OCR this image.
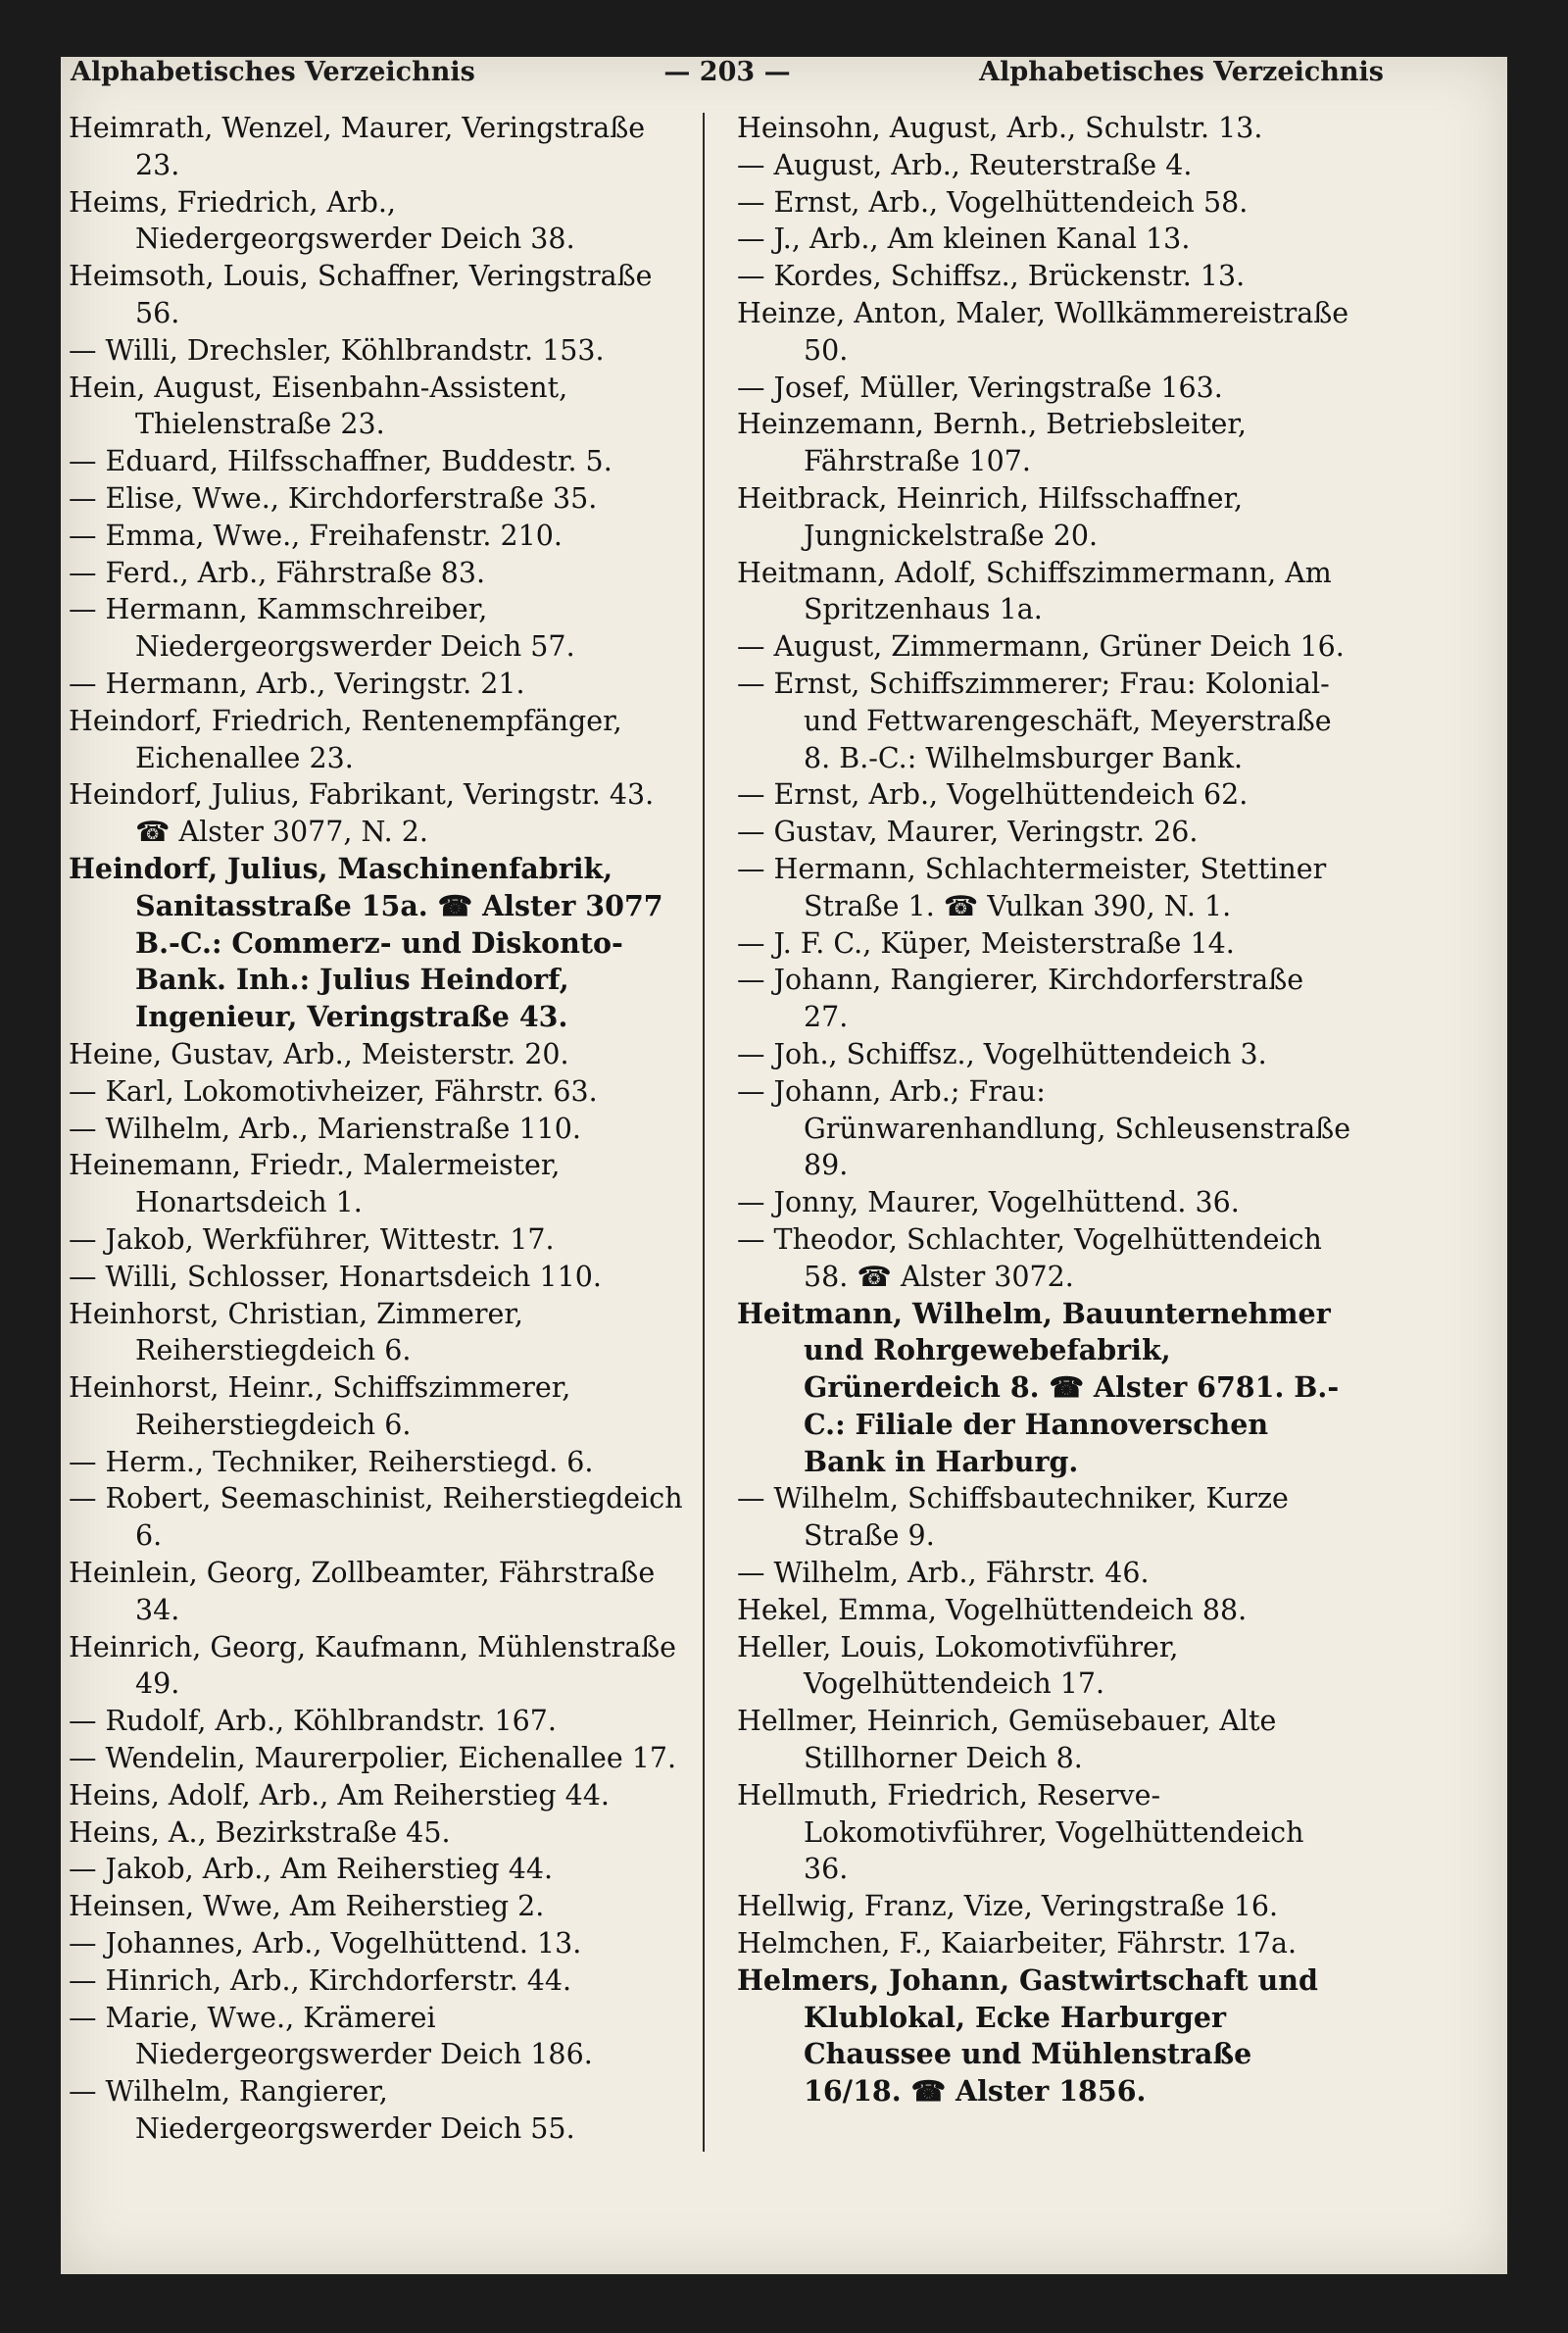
Alphabetisches Verzeichnis	— 203 —	Alphabetisches Verzeichnis

Heimrath, Wenzel, Maurer, Veringstraße 23.

Heims, Friedrich, Arb., Niedergeorgswerder Deich 38.

Heimsoth, Louis, Schaffner, Veringstraße 56.

— Willi, Drechsler, Köhlbrandstr. 153.

Hein, August, Eisenbahn-Assistent, Thielenstraße 23.

— Eduard, Hilfsschaffner, Buddestr. 5.

— Elise, Wwe., Kirchdorferstraße 35.

— Emma, Wwe., Freihafenstr. 210.

— Ferd., Arb., Fährstraße 83.

— Hermann, Kammschreiber, Niedergeorgswerder Deich 57.

— Hermann, Arb., Veringstr. 21.

Heindorf, Friedrich, Rentenempfänger, Eichenallee 23.

Heindorf, Julius, Fabrikant, Veringstr. 43. ☎ Alster 3077, N. 2.

Heindorf, Julius, Maschinenfabrik, Sanitasstraße 15a. ☎ Alster 3077 B.-C.: Commerz- und Diskonto-Bank. Inh.: Julius Heindorf, Ingenieur, Veringstraße 43.

Heine, Gustav, Arb., Meisterstr. 20.

— Karl, Lokomotivheizer, Fährstr. 63.

— Wilhelm, Arb., Marienstraße 110.

Heinemann, Friedr., Malermeister, Honartsdeich 1.

— Jakob, Werkführer, Wittestr. 17.

— Willi, Schlosser, Honartsdeich 110.

Heinhorst, Christian, Zimmerer, Reiherstiegdeich 6.

Heinhorst, Heinr., Schiffszimmerer, Reiherstiegdeich 6.

— Herm., Techniker, Reiherstiegd. 6.

— Robert, Seemaschinist, Reiherstiegdeich 6.

Heinlein, Georg, Zollbeamter, Fährstraße 34.

Heinrich, Georg, Kaufmann, Mühlenstraße 49.

— Rudolf, Arb., Köhlbrandstr. 167.

— Wendelin, Maurerpolier, Eichenallee 17.

Heins, Adolf, Arb., Am Reiherstieg 44.

Heins, A., Bezirkstraße 45.

— Jakob, Arb., Am Reiherstieg 44.

Heinsen, Wwe, Am Reiherstieg 2.

— Johannes, Arb., Vogelhüttend. 13.

— Hinrich, Arb., Kirchdorferstr. 44.

— Marie, Wwe., Krämerei Niedergeorgswerder Deich 186.

— Wilhelm, Rangierer, Niedergeorgswerder Deich 55.

Heinsohn, August, Arb., Schulstr. 13.

— August, Arb., Reuterstraße 4.

— Ernst, Arb., Vogelhüttendeich 58.

— J., Arb., Am kleinen Kanal 13.

— Kordes, Schiffsz., Brückenstr. 13.

Heinze, Anton, Maler, Wollkämmereistraße 50.

— Josef, Müller, Veringstraße 163.

Heinzemann, Bernh., Betriebsleiter, Fährstraße 107.

Heitbrack, Heinrich, Hilfsschaffner, Jungnickelstraße 20.

Heitmann, Adolf, Schiffszimmermann, Am Spritzenhaus 1a.

— August, Zimmermann, Grüner Deich 16.

— Ernst, Schiffszimmerer; Frau: Kolonial- und Fettwarengeschäft, Meyerstraße 8. B.-C.: Wilhelmsburger Bank.

— Ernst, Arb., Vogelhüttendeich 62.

— Gustav, Maurer, Veringstr. 26.

— Hermann, Schlachtermeister, Stettiner Straße 1. ☎ Vulkan 390, N. 1.

— J. F. C., Küper, Meisterstraße 14.

— Johann, Rangierer, Kirchdorferstraße 27.

— Joh., Schiffsz., Vogelhüttendeich 3.

— Johann, Arb.; Frau: Grünwarenhandlung, Schleusenstraße 89.

— Jonny, Maurer, Vogelhüttend. 36.

— Theodor, Schlachter, Vogelhüttendeich 58. ☎ Alster 3072.

Heitmann, Wilhelm, Bauunternehmer und Rohrgewebefabrik, Grünerdeich 8. ☎ Alster 6781. B.-C.: Filiale der Hannoverschen Bank in Harburg.

— Wilhelm, Schiffsbautechniker, Kurze Straße 9.

— Wilhelm, Arb., Fährstr. 46.

Hekel, Emma, Vogelhüttendeich 88.

Heller, Louis, Lokomotivführer, Vogelhüttendeich 17.

Hellmer, Heinrich, Gemüsebauer, Alte Stillhorner Deich 8.

Hellmuth, Friedrich, Reserve-Lokomotivführer, Vogelhüttendeich 36.

Hellwig, Franz, Vize, Veringstraße 16.

Helmchen, F., Kaiarbeiter, Fährstr. 17a.

Helmers, Johann, Gastwirtschaft und Klublokal, Ecke Harburger Chaussee und Mühlenstraße 16/18. ☎ Alster 1856.
